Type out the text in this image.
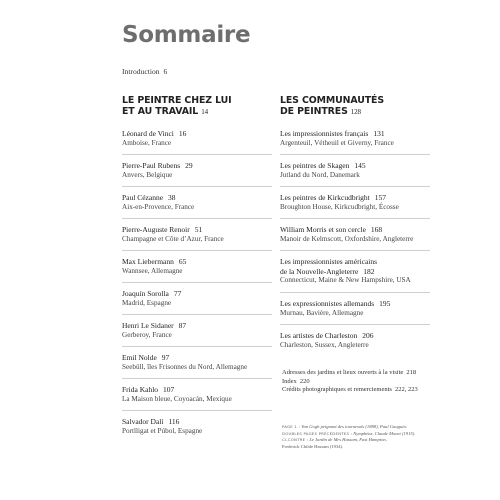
Sommaire
Introduction 6
LE PEINTRE CHEZ LUI
ET AU TRAVAIL 14
Léonard de Vinci 16
Amboise, France
Pierre-Paul Rubens 29
Anvers, Belgique
Paul Cézanne 38
Aix-en-Provence, France
Pierre-Auguste Renoir 51
Champagne et Côte d’Azur, France
Max Liebermann 65
Wannsee, Allemagne
Joaquín Sorolla 77
Madrid, Espagne
Henri Le Sidaner 87
Gerberoy, France
Emil Nolde 97
Seebüll, îles Frisonnes du Nord, Allemagne
Frida Kahlo 107
La Maison bleue, Coyoacán, Mexique
Salvador Dalí 116
Portlligat et Púbol, Espagne
LES COMMUNAUTÉS
DE PEINTRES 128
Les impressionnistes français 131
Argenteuil, Vétheuil et Giverny, France
Les peintres de Skagen 145
Jutland du Nord, Danemark
Les peintres de Kirkcudbright 157
Broughton House, Kirkcudbright, Écosse
William Morris et son cercle 168
Manoir de Kelmscott, Oxfordshire, Angleterre
Les impressionnistes américains
de la Nouvelle-Angleterre 182
Connecticut, Maine & New Hampshire, USA
Les expressionnistes allemands 195
Murnau, Bavière, Allemagne
Les artistes de Charleston 206
Charleston, Sussex, Angleterre
Adresses des jardins et lieux ouverts à la visite 218
Index 220
Crédits photographiques et remerciements 222, 223
PAGE 1 : Van Gogh peignant des tournesols (1888), Paul Gauguin.
DOUBLES PAGES PRÉCÉDENTES : Nymphéas, Claude Monet (1915).
CI-CONTRE : Le Jardin de Mrs Hassam, Fast Hampton,
Frederick Childe Hassam (1934).
